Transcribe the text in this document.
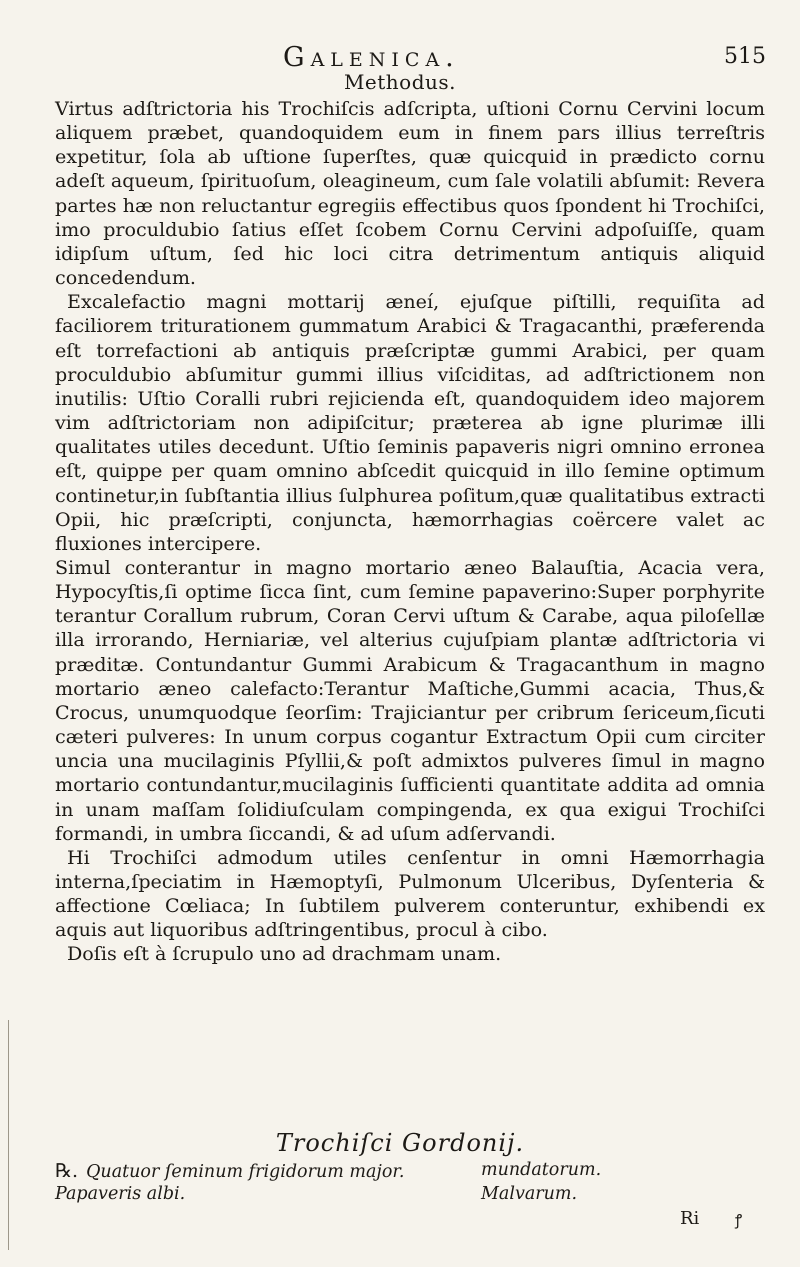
Galenica.	515
Methodus.

Virtus adſtrictoria his Trochiſcis adſcripta, uſtioni Cornu Cervini locum aliquem præbet, quandoquidem eum in finem pars illius terreſtris expetitur, ſola ab uſtione ſuperſtes, quæ quicquid in prædicto cornu adeſt aqueum, ſpirituoſum, oleagineum, cum ſale volatili abſumit: Revera partes hæ non reluctantur egregiis effectibus quos ſpondent hi Trochiſci, imo proculdubio ſatius eſſet ſcobem Cornu Cervini adpoſuiſſe, quam idipſum uſtum, ſed hic loci citra detrimentum antiquis aliquid concedendum.

Excalefactio magni mottarij æneí, ejuſque piſtilli, requiſita ad faciliorem triturationem gummatum Arabici & Tragacanthi, præferenda eſt torrefactioni ab antiquis præſcriptæ gummi Arabici, per quam proculdubio abſumitur gummi illius viſciditas, ad adſtrictionem non inutilis: Uſtio Coralli rubri rejicienda eſt, quandoquidem ideo majorem vim adſtrictoriam non adipiſcitur; prætereа ab igne plurimæ illi qualitates utiles decedunt. Uſtio ſeminis papaveris nigri omnino erronea eſt, quippe per quam omnino abſcedit quicquid in illo ſemine optimum continetur,in ſubſtantia illius ſulphurea poſitum,quæ qualitatibus extracti Opii, hic præſcripti, conjuncta, hæmorrhagias coërcere valet ac fluxiones intercipere.

Simul conterantur in magno mortario æneo Balauſtia, Acacia vera, Hypocyſtis,ſi optime ſicca ſint, cum ſemine papaverino:Super porphyrite terantur Corallum rubrum, Coran Cervi uſtum & Carabe, aqua piloſellæ illa irrorando, Herniariæ, vel alterius cujuſpiam plantæ adſtrictoria vi præditæ. Contundantur Gummi Arabicum & Tragacanthum in magno mortario æneo calefacto:Terantur Maſtiche,Gummi acacia, Thus,& Crocus, unumquodque ſeorſim: Trajiciantur per cribrum ſericeum,ſicuti cæteri pulveres: In unum corpus cogantur Extractum Opii cum circiter uncia una mucilaginis Pſyllii,& poſt admixtos pulveres ſimul in magno mortario contundantur,mucilaginis ſufficienti quantitate addita ad omnia in unam maſſam ſolidiuſculam compingenda, ex qua exigui Trochiſci formandi, in umbra ſiccandi, & ad uſum adſervandi.

Hi Trochiſci admodum utiles cenſentur in omni Hæmorrhagia interna,ſpeciatim in Hæmoptyſi, Pulmonum Ulceribus, Dyſenteria & affectione Cœliaca; In ſubtilem pulverem conteruntur, exhibendi ex aquis aut liquoribus adſtringentibus, procul à cibo.

Doſis eſt à ſcrupulo uno ad drachmam unam.

Trochiſci Gordonij.
℞. Quatuor ſeminum frigidorum major.	mundatorum.
Papaveris albi.	Malvarum.
Ri ꝭ
